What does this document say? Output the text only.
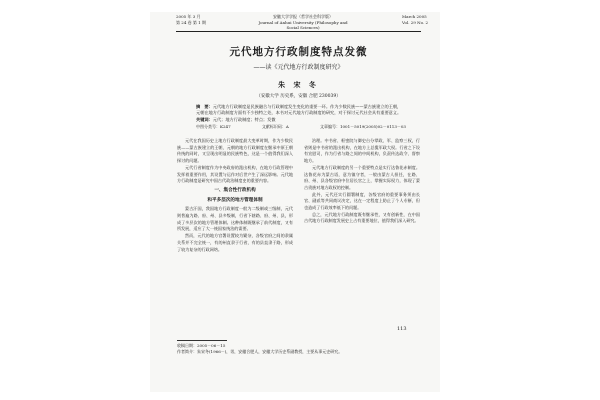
2005 年 3 月
第 24 卷 第 1 期
安徽大学学报（哲学社会科学版）
Journal of Anhui University (Philosophy and Social Sciences)
March 2005
Vol. 29 No. 2
元代地方行政制度特点发微
——读《元代地方行政制度研究》
朱 宋 冬
（安徽大学 历史系，安徽 合肥 230039）
摘　要：元代地方行政制度是民族融合与行政制度发生变化的重要一环。作为少数民族——蒙古族建立的王朝，元朝在地方行政制度方面有不少独特之处，本书对元代地方行政制度的研究，对于探讨元代社会具有重要意义。
关键词：元代；地方行政制度；特点；发微
中图分类号：K247	文献标识码：A	文章编号：1001－5019(2005)02－0113－03

元代在我国历史上地方行政制度最大变革时期，作为少数民族——蒙古族建立的王朝，元朝的地方行政制度在继承中原王朝传统的同时，又呈现出明显的民族特色，这是一个值得我们深入探讨的问题。

元代行省制度作为中央政府的派出机构，在地方行政管理中发挥着重要作用，其设置与运作对后世产生了深远影响。元代地方行政制度是研究中国古代政治制度史的重要内容。

一、集合性行政机构
和平多层次的地方管理体制

蒙古汗国，我国地方行政制度一般为二级制或三级制，元代则普遍为路、府、州、县多级制，行省下辖路、府、州、县，形成了多层次的地方管理体制。这种体制既继承了前代制度，又有所发展，适应了大一统国家统治的需要。

然而，元代的地方官署设置较为繁杂，各级官府之间的隶属关系并不完全统一，有的州直隶于行省，有的县直隶于路，形成了较为复杂的行政网络。

治理。中书省、枢密院与御史台分掌政、军、监察三权，行省则是中书省的派出机构，在地方上总揽军政大权。行省之下设有宣慰司，作为行省与路之间的中间机构，负责传达政令、督察地方。

元代地方行政制度的另一个重要特点是实行达鲁花赤制度。达鲁花赤为蒙古语，意为镇守者，一般由蒙古人担任，在路、府、州、县各级官府中位居长官之上，掌握实际权力，体现了蒙古贵族对地方政权的控制。

此外，元代还实行圆署制度，各级官府的重要事务须由长官、副贰等共同商议决定，这在一定程度上防止了个人专断，但也造成了行政效率低下的问题。

总之，元代地方行政制度既有继承性，又有创新性，在中国古代地方行政制度发展史上占有重要地位，值得我们深入研究。

113
收稿日期：2005－06－15
作者简介：朱宋冬(1966－)，男，安徽合肥人，安徽大学历史系副教授，主要从事元史研究。
